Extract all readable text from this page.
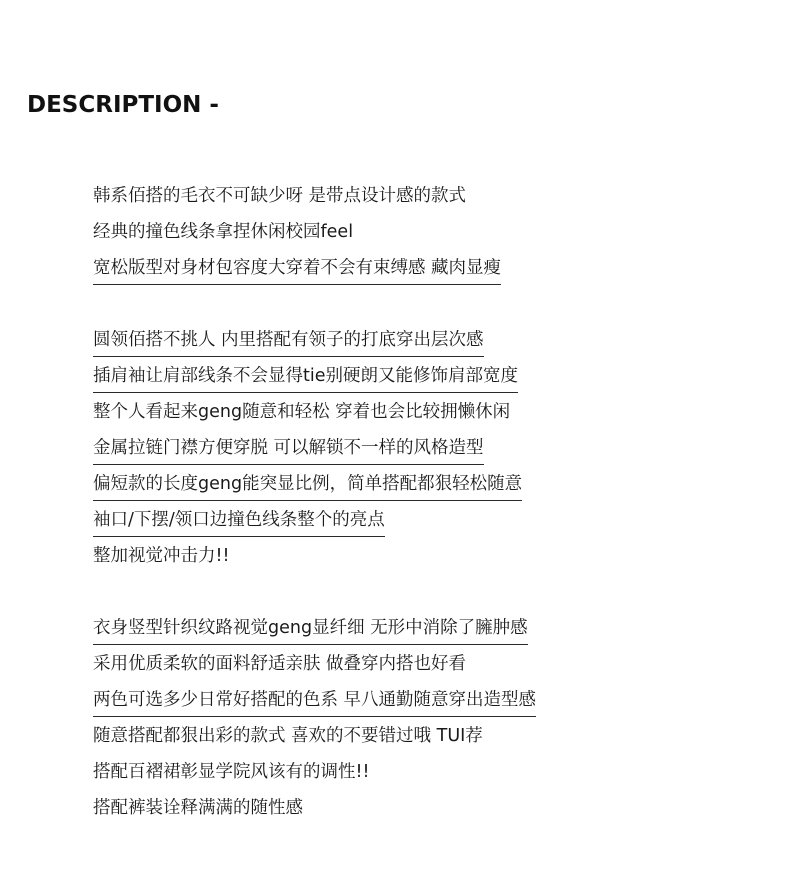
DESCRIPTION -
韩系佰搭的毛衣不可缺少呀 是带点设计感的款式
经典的撞色线条拿捏休闲校园feel
宽松版型对身材包容度大穿着不会有束缚感 藏肉显瘦
圆领佰搭不挑人 内里搭配有领子的打底穿出层次感
插肩袖让肩部线条不会显得tie别硬朗又能修饰肩部宽度
整个人看起来geng随意和轻松 穿着也会比较拥懒休闲
金属拉链门襟方便穿脱 可以解锁不一样的风格造型
偏短款的长度geng能突显比例，简单搭配都狠轻松随意
袖口/下摆/领口边撞色线条整个的亮点
整加视觉冲击力!!
衣身竖型针织纹路视觉geng显纤细 无形中消除了臃肿感
采用优质柔软的面料舒适亲肤 做叠穿内搭也好看
两色可选多少日常好搭配的色系 早八通勤随意穿出造型感
随意搭配都狠出彩的款式 喜欢的不要错过哦 TUI荐
搭配百褶裙彰显学院风该有的调性!!
搭配裤装诠释满满的随性感
